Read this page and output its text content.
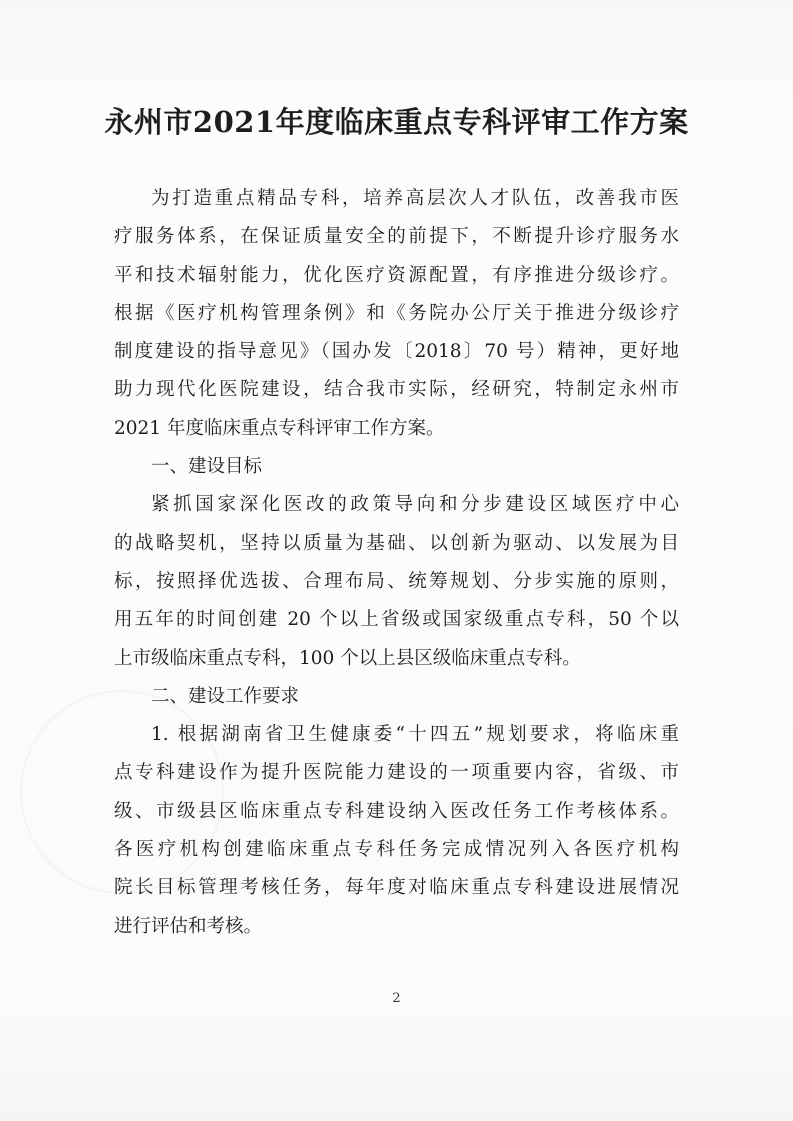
永州市2021年度临床重点专科评审工作方案
为打造重点精品专科，培养高层次人才队伍，改善我市医
疗服务体系，在保证质量安全的前提下，不断提升诊疗服务水
平和技术辐射能力，优化医疗资源配置，有序推进分级诊疗。
根据《医疗机构管理条例》和《务院办公厅关于推进分级诊疗
制度建设的指导意见》（国办发〔2018〕70 号）精神，更好地
助力现代化医院建设，结合我市实际，经研究，特制定永州市
2021 年度临床重点专科评审工作方案。
一、建设目标
紧抓国家深化医改的政策导向和分步建设区域医疗中心
的战略契机，坚持以质量为基础、以创新为驱动、以发展为目
标，按照择优选拔、合理布局、统筹规划、分步实施的原则，
用五年的时间创建 20 个以上省级或国家级重点专科，50 个以
上市级临床重点专科，100 个以上县区级临床重点专科。
二、建设工作要求
1. 根据湖南省卫生健康委“十四五”规划要求，将临床重
点专科建设作为提升医院能力建设的一项重要内容，省级、市
级、市级县区临床重点专科建设纳入医改任务工作考核体系。
各医疗机构创建临床重点专科任务完成情况列入各医疗机构
院长目标管理考核任务，每年度对临床重点专科建设进展情况
进行评估和考核。
2
